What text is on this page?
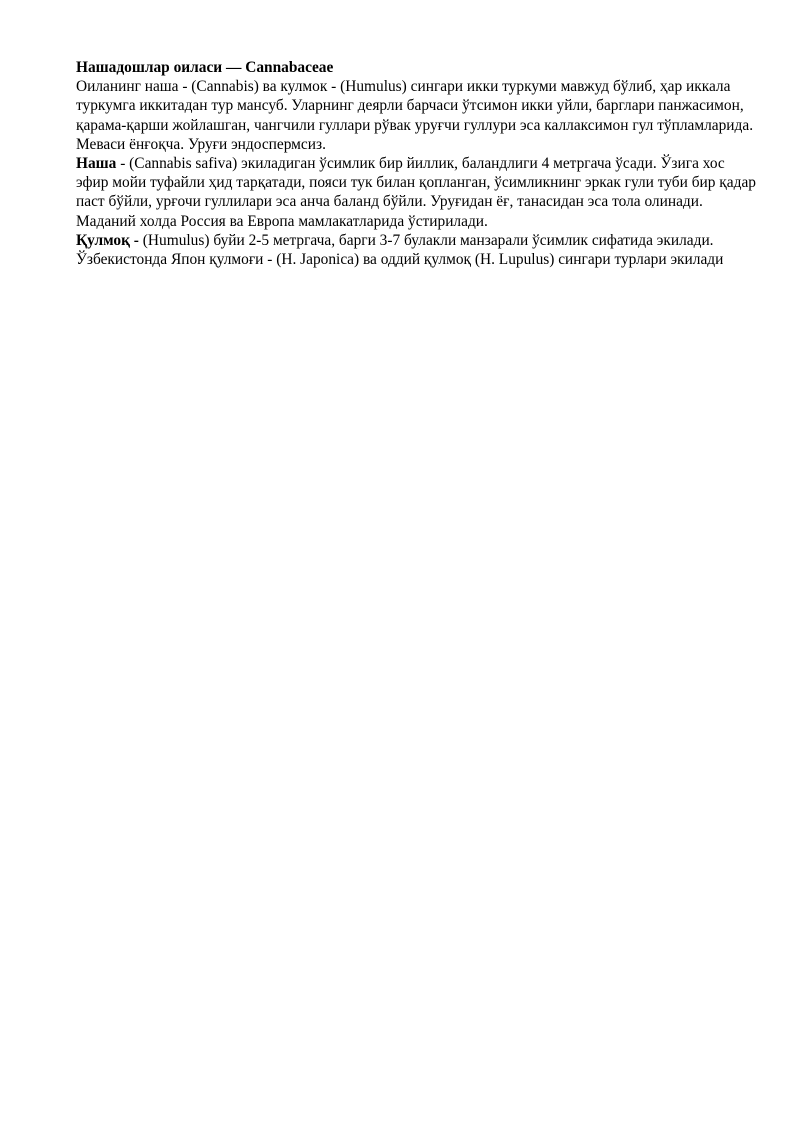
Нашадошлар оиласи — Cannabaceae

Оиланинг наша - (Cannabis) ва кулмок - (Humulus) сингари икки туркуми мавжуд бўлиб, ҳар иккала туркумга иккитадан тур мансуб. Уларнинг деярли барчаси ўтсимон икки уйли, барглари панжасимон, қарама-қарши жойлашган, чангчили гуллари рўвак уруғчи гуллури эса каллаксимон гул тўпламларида. Меваси ёнғоқча. Уруғи эндоспермсиз.

Наша - (Cannabis safiva) экиладиган ўсимлик бир йиллик, баландлиги 4 метргача ўсади. Ўзига хос эфир мойи туфайли ҳид тарқатади, пояси тук билан қопланган, ўсимликнинг эркак гули туби бир қадар паст бўйли, урғочи гуллилари эса анча баланд бўйли. Уруғидан ёғ, танасидан эса тола олинади. Маданий холда Россия ва Европа мамлакатларида ўстирилади.

Қулмоқ - (Humulus) буйи 2-5 метргача, барги 3-7 булакли манзарали ўсимлик сифатида экилади. Ўзбекистонда Япон қулмоғи - (H. Japonica) ва оддий қулмоқ (H. Lupulus) сингари турлари экилади
